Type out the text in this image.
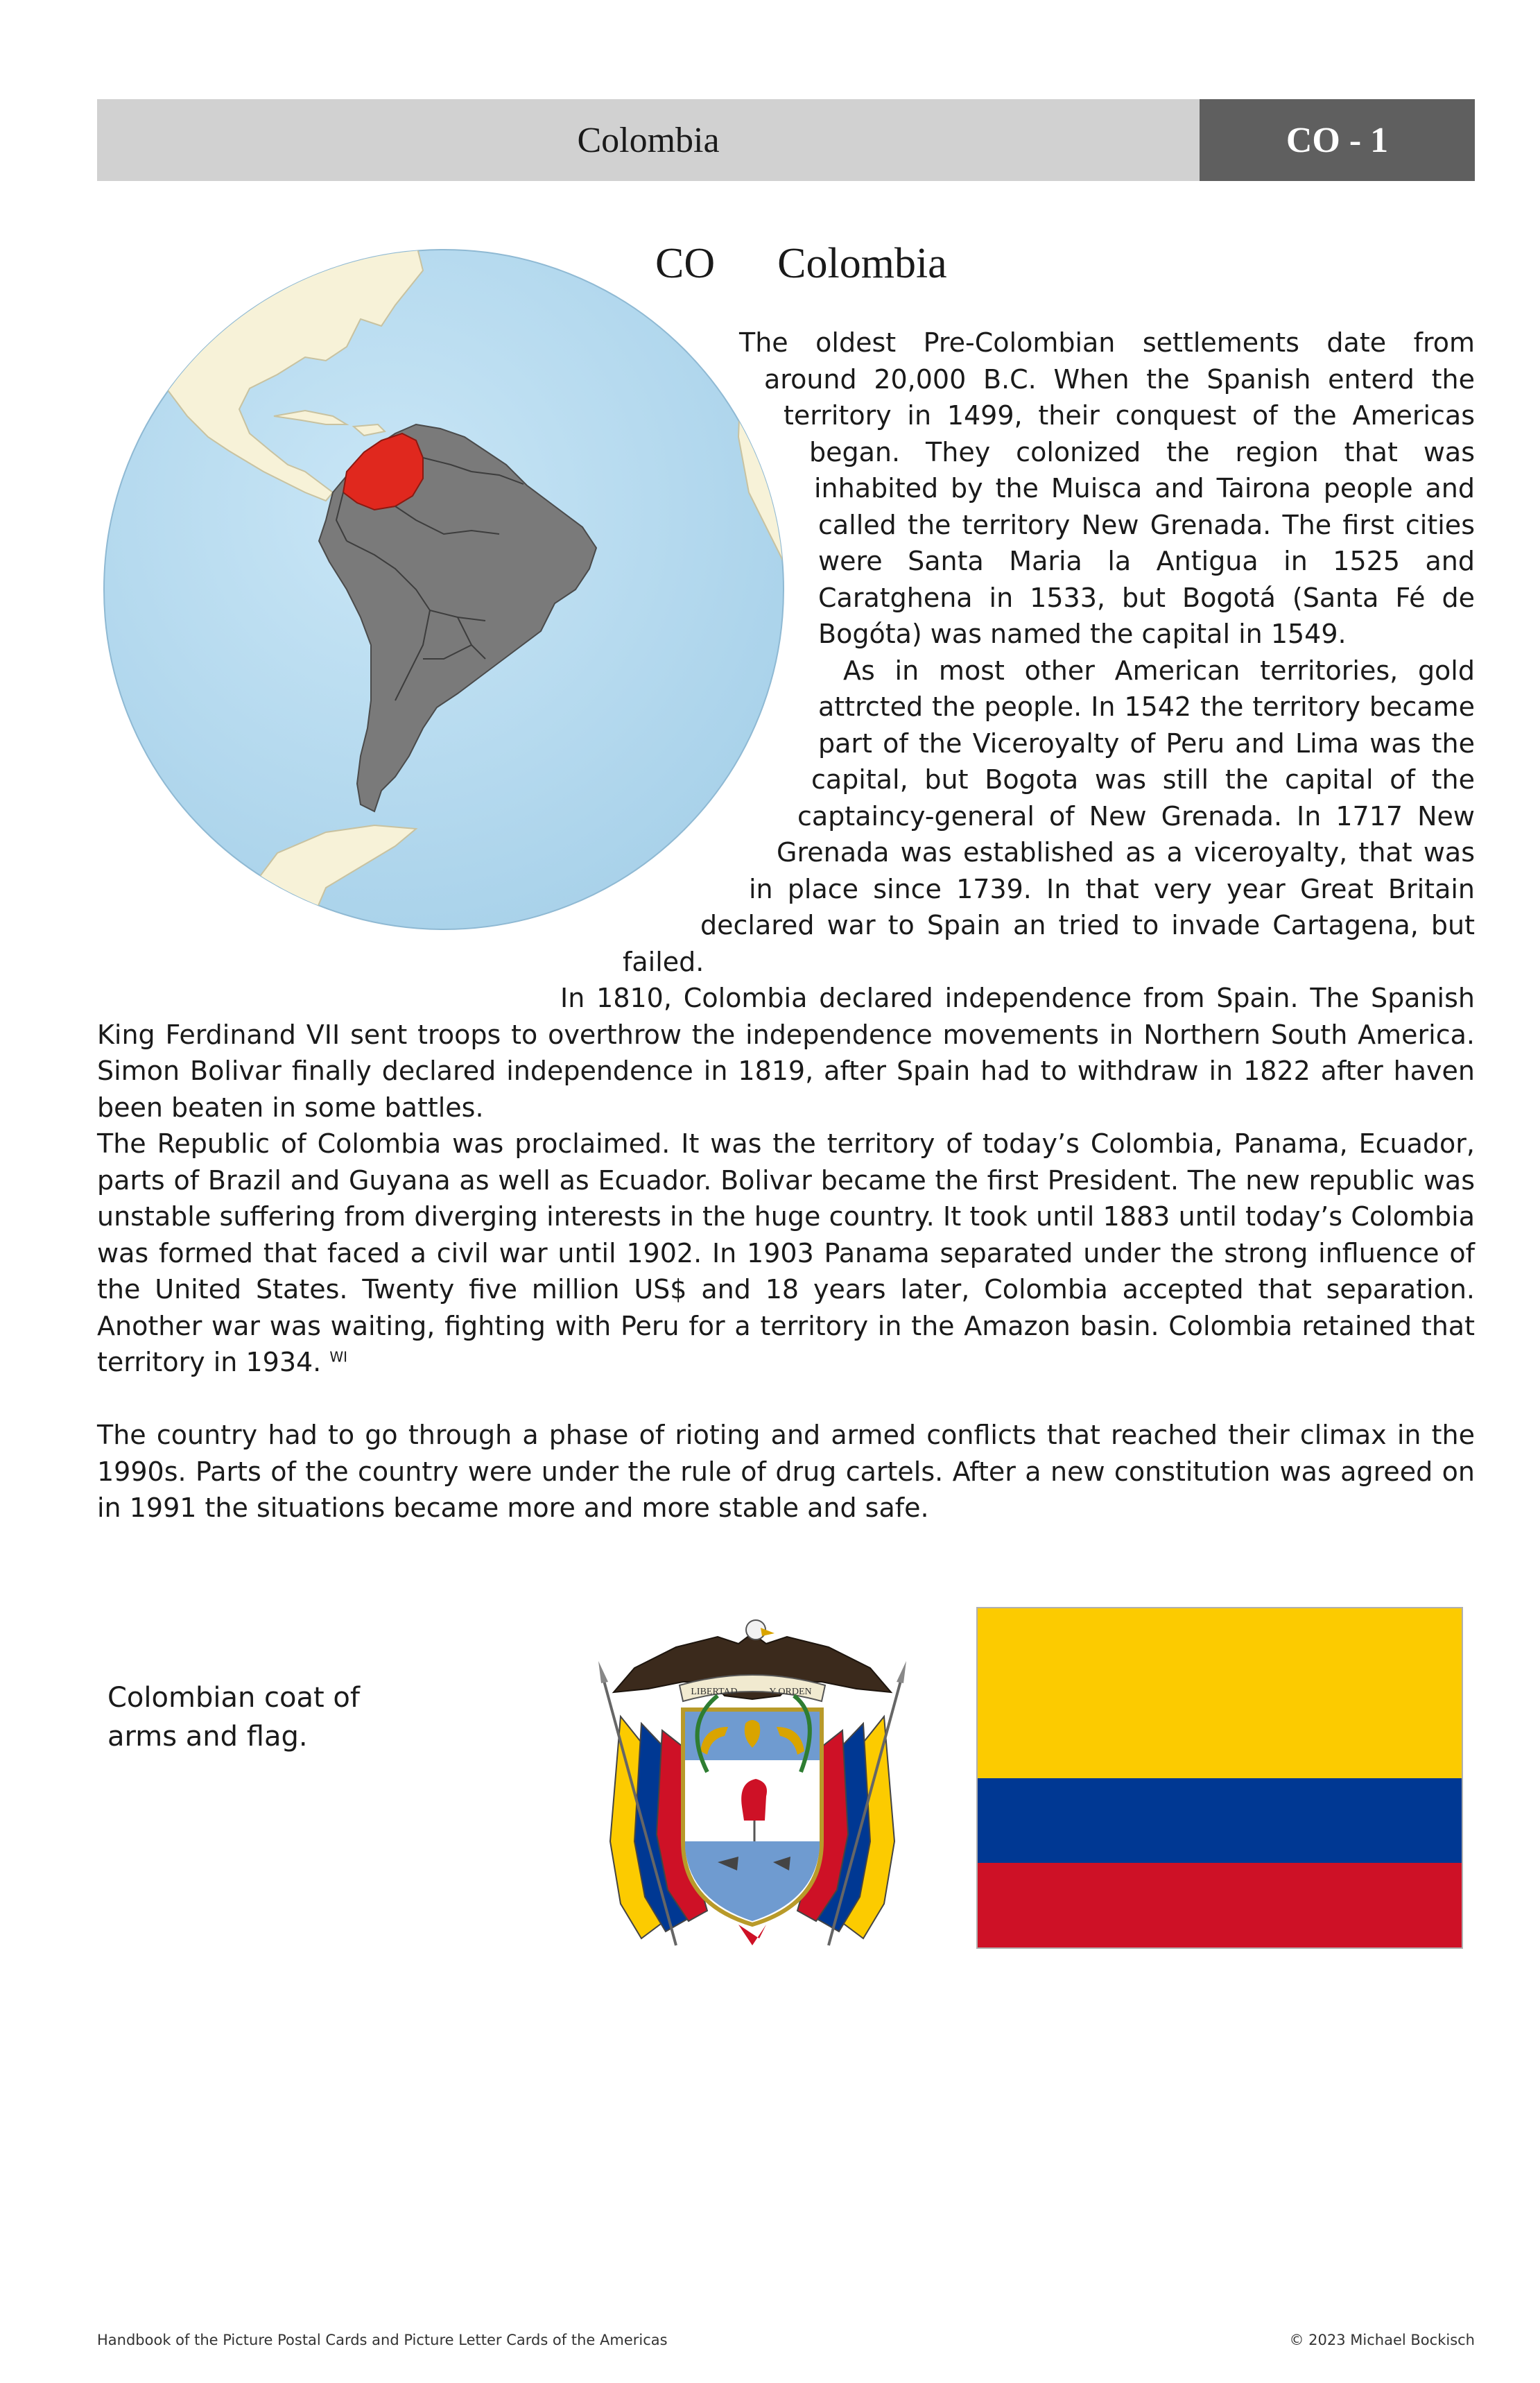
Colombia	CO - 1
CO Colombia

The oldest Pre-Colombian settlements date from around 20,000 B.C. When the Spanish enterd the territory in 1499, their conquest of the Americas began. They colonized the region that was inhabited by the Muisca and Tairona people and called the territory New Grenada. The first cities were Santa Maria la Antigua in 1525 and Caratghena in 1533, but Bogotá (Santa Fé de Bogóta) was named the capital in 1549.

As in most other American territories, gold attrcted the people. In 1542 the territory became part of the Viceroyalty of Peru and Lima was the capital, but Bogota was still the capital of the captaincy-general of New Grenada. In 1717 New Grenada was established as a viceroyalty, that was in place since 1739. In that very year Great Britain declared war to Spain an tried to invade Cartagena, but failed.

In 1810, Colombia declared independence from Spain. The Spanish King Ferdinand VII sent troops to overthrow the independence movements in Northern South America. Simon Bolivar finally declared independence in 1819, after Spain had to withdraw in 1822 after haven been beaten in some battles.

The Republic of Colombia was proclaimed. It was the territory of today’s Colombia, Panama, Ecuador, parts of Brazil and Guyana as well as Ecuador. Bolivar became the first President. The new republic was unstable suffering from diverging interests in the huge country. It took until 1883 until today’s Colombia was formed that faced a civil war until 1902. In 1903 Panama separated under the strong influence of the United States. Twenty five million US$ and 18 years later, Colombia accepted that separation. Another war was waiting, fighting with Peru for a territory in the Amazon basin. Colombia retained that territory in 1934. $^{WI}$

The country had to go through a phase of rioting and armed conflicts that reached their climax in the 1990s. Parts of the country were under the rule of drug cartels. After a new constitution was agreed on in 1991 the situations became more and more stable and safe.

Colombian coat of arms and flag.
LIBERTAD	Y ORDEN
Handbook of the Picture Postal Cards and Picture Letter Cards of the Americas	© 2023 Michael Bockisch
